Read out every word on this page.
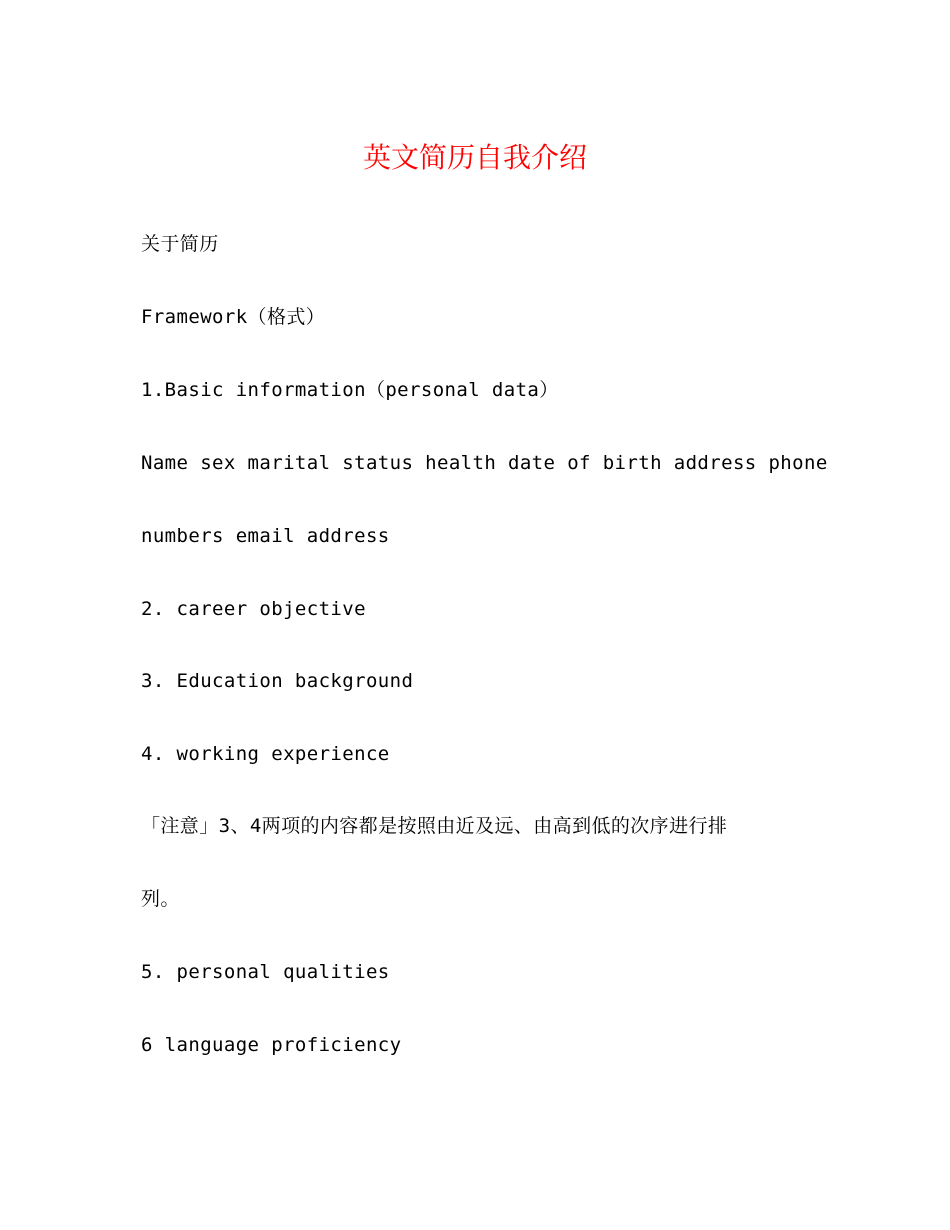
英文简历自我介绍

关于简历

Framework（格式）

1.Basic information（personal data）

Name sex marital status health date of birth address phone

numbers email address

2. career objective

3. Education background

4. working experience

「注意」3、4两项的内容都是按照由近及远、由高到低的次序进行排

列。

5. personal qualities

6 language proficiency
